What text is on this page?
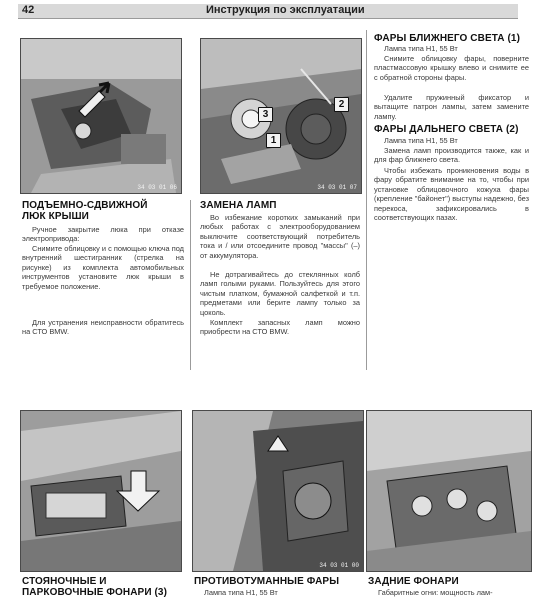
42	Инструкция по эксплуатации
34 03 01 06
3
2
1
34 03 01 07
ПОДЪЕМНО-СДВИЖНОЙ
ЛЮК КРЫШИ

Ручное закрытие люка при отказе электропривода:

Снимите облицовку и с помощью ключа под внутренний шестигранник (стрелка на рисунке) из комплекта автомобильных инструментов установите люк крыши в требуемое положение.

Для устранения неисправности обратитесь на СТО BMW.

ЗАМЕНА ЛАМП

Во избежание коротких замыканий при любых работах с электрооборудованием выключите соответствующий потребитель тока и / или отсоедините провод "массы" (–) от аккумулятора.

Не дотрагивайтесь до стеклянных колб ламп голыми руками. Пользуйтесь для этого чистым платком, бумажной салфеткой и т.п. предметами или берите лампу только за цоколь.

Комплект запасных ламп можно приобрести на СТО BMW.

ФАРЫ БЛИЖНЕГО СВЕТА (1)

Лампа типа H1, 55 Вт

Снимите облицовку фары, поверните пластмассовую крышку влево и снимите ее с обратной стороны фары.

Удалите пружинный фиксатор и вытащите патрон лампы, затем замените лампу.

ФАРЫ ДАЛЬНЕГО СВЕТА (2)

Лампа типа H1, 55 Вт

Замена ламп производится также, как и для фар ближнего света.

Чтобы избежать проникновения воды в фару обратите внимание на то, чтобы при установке облицовочного кожуха фары (крепление "байонет") выступы надежно, без перекоса, зафиксировались в соответствующих пазах.

34 03 01 00
СТОЯНОЧНЫЕ И
ПАРКОВОЧНЫЕ ФОНАРИ (3)
ПРОТИВОТУМАННЫЕ ФАРЫ

Лампа типа H1, 55 Вт

ЗАДНИЕ ФОНАРИ

Габаритные огни: мощность лам-
